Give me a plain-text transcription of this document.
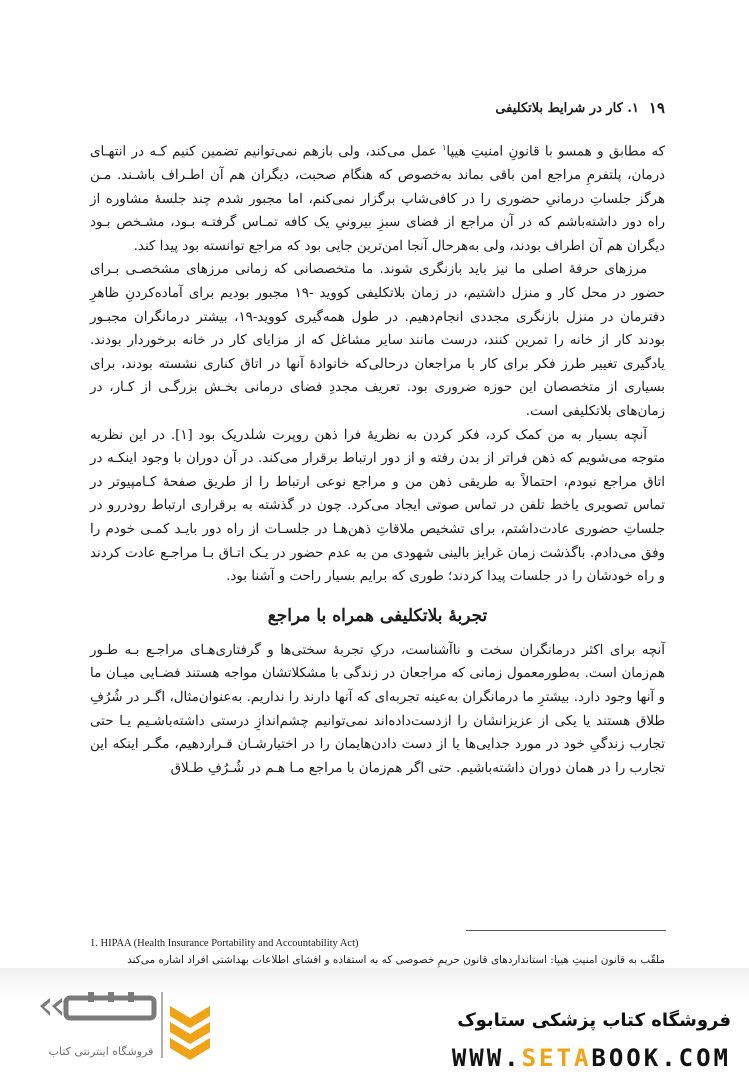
۱۹
۱. کار در شرایط بلاتکلیفی

که مطابق و همسو با قانونِ امنیتِ هیپا$^۱$ عمل می‌کند، ولی بازهم نمی‌توانیم تضمین کنیم کـه در انتهـای درمان، پلتفرمِ مراجع امن باقی بماند به‌خصوص که هنگام صحبت، دیگران هم آن اطـراف باشـند. مـن هرگز جلساتِ درمانیِ حضوری را در کافی‌شاپ برگزار نمی‌کنم، اما مجبور شدم چند جلسهٔ مشاوره از راه دور داشته‌باشم که در آن مراجع از فضای سبزِ بیرونیِ یک کافه تمـاس گرفتـه بـود، مشـخص بـود دیگران هم آن اطراف بودند، ولی به‌هرحال آنجا امن‌ترین جایی بود که مراجع توانسته بود پیدا کند.

مرزهای حرفهٔ اصلی ما نیز باید بازنگری شوند. ما متخصصانی که زمانی مرزهای مشخصـی بـرای حضور در محل کار و منزل داشتیم، در زمان بلاتکلیفی کووید -۱۹ مجبور بودیم برای آماده‌کردنِ ظاهرِ دفترمان در منزل بازنگری مجددی انجام‌دهیم. در طول همه‌گیری کووید-۱۹، بیشتر درمانگران مجبـور بودند کار از خانه را تمرین کنند، درست مانند سایر مشاغل که از مزایای کار در خانه برخوردار بودند. یادگیری تغییر طرز فکر برای کار با مراجعان درحالی‌که خانوادهٔ آنها در اتاق کناری نشسته بودند، برای بسیاری از متخصصان این حوزه ضروری بود. تعریف مجددِ فضای درمانی بخـش بزرگـی از کـار، در زمان‌های بلاتکلیفی است.

آنچه بسیار به من کمک کرد، فکر کردن به نظریهٔ فرا ذهن روپرت شلدریک بود [۱]. در این نظریه متوجه می‌شویم که ذهن فراتر از بدن رفته و از دور ارتباط برقرار می‌کند. در آن دوران با وجود اینکـه در اتاق مراجع نبودم، احتمالاً به طریقی ذهن من و مراجع نوعی ارتباط را از طریق صفحهٔ کـامپیوتر در تماس تصویری یاخط تلفن در تماس صوتی ایجاد می‌کرد. چون در گذشته به برقراری ارتباط رودررو در جلساتِ حضوری عادت‌داشتم، برای تشخیص ملاقاتِ ذهن‌هـا در جلسـات از راه دور بایـد کمـی خودم را وفق می‌دادم. باگذشت زمان غرایز بالینی شهودی من به عدم حضور در یـک اتـاق بـا مراجـع عادت کردند و راه خودشان را در جلسات پیدا کردند؛ طوری که برایم بسیار راحت و آشنا بود.

تجربهٔ بلاتکلیفی همراه با مراجع

آنچه برای اکثر درمانگران سخت و ناآشناست، درکِ تجربهٔ سختی‌ها و گرفتاری‌هـای مراجـع بـه طـور هم‌زمان است. به‌طورمعمول زمانی که مراجعان در زندگی با مشکلاتشان مواجه هستند فضـایی میـان ما و آنها وجود دارد. بیشترِ ما درمانگران به‌عینه تجربه‌ای که آنها دارند را نداریم. به‌عنوان‌مثال، اگـر در شُرُفِ طلاق هستند یا یکی از عزیزانشان را ازدست‌داده‌اند نمی‌توانیم چشم‌اندازِ درستی داشته‌باشـیم یـا حتی تجارب زندگیِ خود در مورد جدایی‌ها یا از دست دادن‌هایمان را در اختیارشـان قـراردهیم، مگـر اینکه این تجارب را در همان دوران داشته‌باشیم. حتی اگر هم‌زمان با مراجع مـا هـم در شُـرُفِ طـلاق

1. HIPAA (Health Insurance Portability and Accountability Act)
ملقّب به قانون امنیتِ هیپا: استانداردهای قانون حریمِ خصوصی که به استفاده و افشای اطلاعات بهداشتی افراد اشاره می‌کند
فروشگاه اینترنتی کتاب
فروشگاه کتاب پزشکی ستابوک
WWW.SETABOOK.COM
